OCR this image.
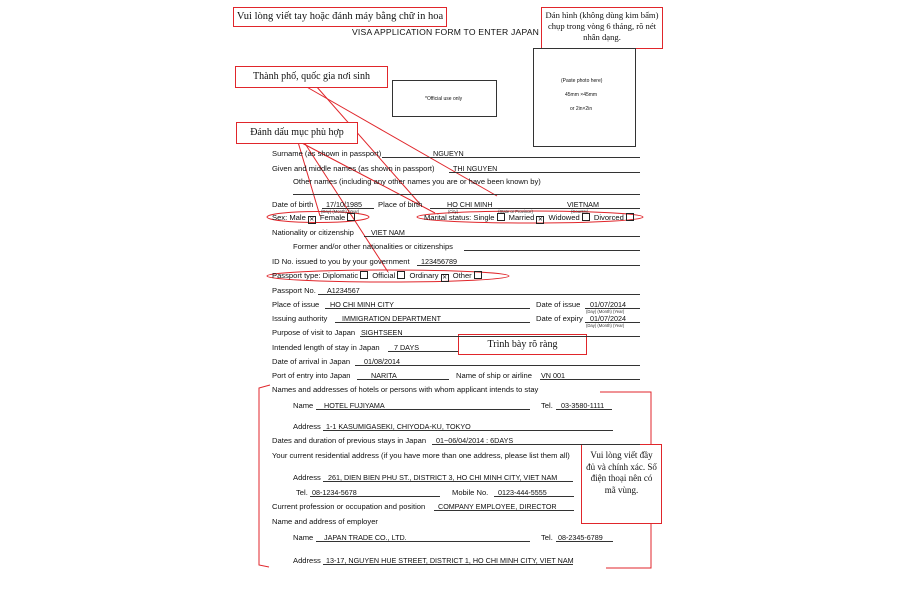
Vui lòng viết tay hoặc đánh máy bằng chữ in hoa	Dán hình (không dùng kim bấm) chụp trong vòng 6 tháng, rõ nét nhân dạng.
Thành phố, quốc gia nơi sinh
Đánh dấu mục phù hợp
Trình bày rõ ràng
Vui lòng viết đầy đủ và chính xác. Số điện thoại nên có mã vùng.
VISA APPLICATION FORM TO ENTER JAPAN
*Official use only
(Paste photo here)
45mm ×45mm
or 2in×2in
Surname (as shown in passport)	NGUEYN
Given and middle names (as shown in passport)	THI NGUYEN
Other names (including any other names you are or have been known by)
Date of birth 17/10/1985
(Day) (Month) (Year)
Place of birth	HO CHI MINH	VIETNAM
(City)	(State or Province)	(Country)
Sex: Male ✕ Female	Marital status: Single Married ✕ Widowed Divorced
Nationality or citizenship VIET NAM
Former and/or other nationalities or citizenships
ID No. issued to you by your government 123456789
Passport type: Diplomatic Official Ordinary ✕ Other
Passport No. A1234567
Place of issue HO CHI MINH CITY	Date of issue 01/07/2014
(Day) (Month) (Year)
Issuing authority IMMIGRATION DEPARTMENT	Date of expiry 01/07/2024
(Day) (Month) (Year)
Purpose of visit to Japan SIGHTSEEN
Intended length of stay in Japan 7 DAYS
Date of arrival in Japan 01/08/2014
Port of entry into Japan	NARITA	Name of ship or airline VN 001
Names and addresses of hotels or persons with whom applicant intends to stay
Name HOTEL FUJIYAMA	Tel. 03-3580-1111
Address 1-1 KASUMIGASEKI, CHIYODA-KU, TOKYO
Dates and duration of previous stays in Japan 01~06/04/2014 : 6DAYS
Your current residential address (if you have more than one address, please list them all)
Address 261, DIEN BIEN PHU ST., DISTRICT 3, HO CHI MINH CITY, VIET NAM
Tel. 08-1234-5678	Mobile No. 0123-444-5555
Current profession or occupation and position COMPANY EMPLOYEE, DIRECTOR
Name and address of employer
Name JAPAN TRADE CO., LTD.	Tel. 08-2345-6789
Address 13-17, NGUYEN HUE STREET, DISTRICT 1, HO CHI MINH CITY, VIET NAM
